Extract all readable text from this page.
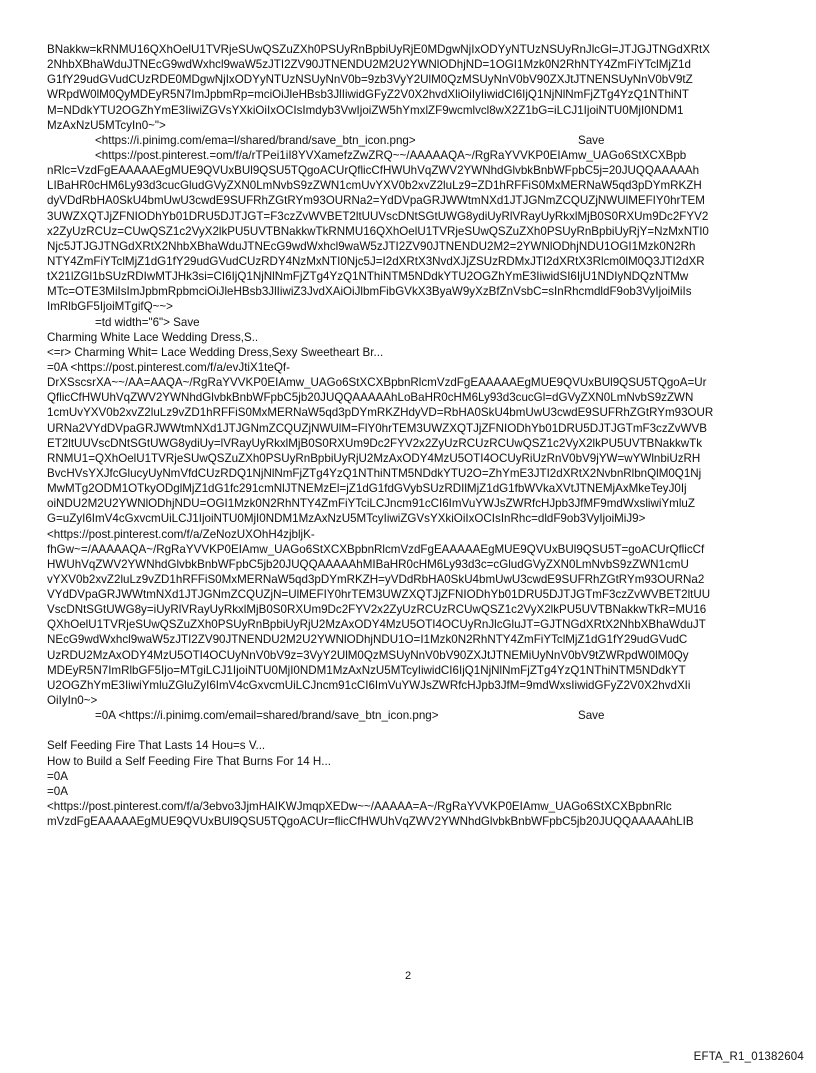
BNakkw=kRNMU16QXhOelU1TVRjeSUwQSZuZXh0PSUyRnBpbiUyRjE0MDgwNjIxODYyNTUzNSUyRnJlcGl=JTJGJTNGdXRtX
2NhbXBhaWduJTNEcG9wdWxhcl9waW5zJTI2ZV90JTNENDU2M2U2YWNlODhjND=1OGI1Mzk0N2RhNTY4ZmFiYTclMjZ1d
G1fY29udGVudCUzRDE0MDgwNjIxODYyNTUzNSUyNnV0b=9zb3VyY2UlM0QzMSUyNnV0bV90ZXJtJTNENSUyNnV0bV9tZ
WRpdW0lM0QyMDEyR5N7ImJpbmRp=mciOiJleHBsb3JlIiwidGFyZ2V0X2hvdXliOiIyIiwidCI6IjQ1NjNlNmFjZTg4YzQ1NThiNT
M=NDdkYTU2OGZhYmE3IiwiZGVsYXkiOiIxOCIsImdyb3VwIjoiZW5hYmxlZF9wcmlvcl8wX2Z1bG=iLCJ1IjoiNTU0MjI0NDM1
MzAxNzU5MTcyIn0~">
<https://i.pinimg.com/ema=l/shared/brand/save_btn_icon.png>	Save
<https://post.pinterest.=om/f/a/rTPei1iI8YVXamefzZwZRQ~~/AAAAAQA~/RgRaYVVKP0EIAmw_UAGo6StXCXBpb
nRlc=VzdFgEAAAAAEgMUE9QVUxBUl9QSU5TQgoACUrQflicCfHWUhVqZWV2YWNhdGlvbkBnbWFpbC5j=20JUQQAAAAAh
LIBaHR0cHM6Ly93d3cucGludGVyZXN0LmNvbS9zZWN1cmUvYXV0b2xvZ2luLz9=ZD1hRFFiS0MxMERNaW5qd3pDYmRKZH
dyVDdRbHA0SkU4bmUwU3cwdE9SUFRhZGtRYm93OURNa2=YdDVpaGRJWWtmNXd1JTJGNmZCQUZjNWUlMEFIY0hrTEM
3UWZXQTJjZFNIODhYb01DRU5DJTJGT=F3czZvWVBET2ltUUVscDNtSGtUWG8ydiUyRlVRayUyRkxlMjB0S0RXUm9Dc2FYV2
x2ZyUzRCUz=CUwQSZ1c2VyX2lkPU5UVTBNakkwTkRNMU16QXhOelU1TVRjeSUwQSZuZXh0PSUyRnBpbiUyRjY=NzMxNTI0
Njc5JTJGJTNGdXRtX2NhbXBhaWduJTNEcG9wdWxhcl9waW5zJTI2ZV90JTNENDU2M2=2YWNlODhjNDU1OGI1Mzk0N2Rh
NTY4ZmFiYTclMjZ1dG1fY29udGVudCUzRDY4NzMxNTI0Njc5J=I2dXRtX3NvdXJjZSUzRDMxJTI2dXRtX3Rlcm0lM0Q3JTI2dXR
tX21lZGl1bSUzRDIwMTJHk3si=CI6IjQ1NjNlNmFjZTg4YzQ1NThiNTM5NDdkYTU2OGZhYmE3IiwidSI6IjU1NDIyNDQzNTMw
MTc=OTE3MiIsImJpbmRpbmciOiJleHBsb3JlIiwiZ3JvdXAiOiJlbmFibGVkX3ByaW9yXzBfZnVsbC=sInRhcmdldF9ob3VyIjoiMiIs
ImRlbGF5IjoiMTgifQ~~>
=td width="6"> Save
Charming White Lace Wedding Dress,S..
<=r> Charming Whit= Lace Wedding Dress,Sexy Sweetheart Br...
=0A <https://post.pinterest.com/f/a/evJtiX1teQf-
DrXSscsrXA~~/AA=AAQA~/RgRaYVVKP0EIAmw_UAGo6StXCXBpbnRlcmVzdFgEAAAAAEgMUE9QVUxBUl9QSU5TQgoA=Ur
QflicCfHWUhVqZWV2YWNhdGlvbkBnbWFpbC5jb20JUQQAAAAAhLoBaHR0cHM6Ly93d3cucGl=dGVyZXN0LmNvbS9zZWN
1cmUvYXV0b2xvZ2luLz9vZD1hRFFiS0MxMERNaW5qd3pDYmRKZHdyVD=RbHA0SkU4bmUwU3cwdE9SUFRhZGtRYm93OUR
URNa2VYdDVpaGRJWWtmNXd1JTJGNmZCQUZjNWUlM=FlY0hrTEM3UWZXQTJjZFNIODhYb01DRU5DJTJGTmF3czZvWVB
ET2ltUUVscDNtSGtUWG8ydiUy=lVRayUyRkxlMjB0S0RXUm9Dc2FYV2x2ZyUzRCUzRCUwQSZ1c2VyX2lkPU5UVTBNakkwTk
RNMU1=QXhOelU1TVRjeSUwQSZuZXh0PSUyRnBpbiUyRjU2MzAxODY4MzU5OTI4OCUyRiUzRnV0bV9jYW=wYWlnbiUzRH
BvcHVsYXJfcGlucyUyNmVfdCUzRDQ1NjNlNmFjZTg4YzQ1NThiNTM5NDdkYTU2O=ZhYmE3JTI2dXRtX2NvbnRlbnQlM0Q1Nj
MwMTg2ODM1OTkyODglMjZ1dG1fc291cmNlJTNEMzEl=jZ1dG1fdGVybSUzRDIlMjZ1dG1fbWVkaXVtJTNEMjAxMkeTeyJ0Ij
oiNDU2M2U2YWNlODhjNDU=OGI1Mzk0N2RhNTY4ZmFiYTciLCJncm91cCI6ImVuYWJsZWRfcHJpb3JfMF9mdWxsliwiYmluZ
G=uZyI6ImV4cGxvcmUiLCJ1IjoiNTU0MjI0NDM1MzAxNzU5MTcyIiwiZGVsYXkiOiIxOCIsInRhc=dldF9ob3VyIjoiMiJ9>
<https://post.pinterest.com/f/a/ZeNozUXOhH4zjbljK-
fhGw~=/AAAAAQA~/RgRaYVVKP0EIAmw_UAGo6StXCXBpbnRlcmVzdFgEAAAAAEgMUE9QVUxBUl9QSU5T=goACUrQflicCf
HWUhVqZWV2YWNhdGlvbkBnbWFpbC5jb20JUQQAAAAAhMIBaHR0cHM6Ly93d3c=cGludGVyZXN0LmNvbS9zZWN1cmU
vYXV0b2xvZ2luLz9vZD1hRFFiS0MxMERNaW5qd3pDYmRKZH=yVDdRbHA0SkU4bmUwU3cwdE9SUFRhZGtRYm93OURNa2
VYdDVpaGRJWWtmNXd1JTJGNmZCQUZjN=UlMEFIY0hrTEM3UWZXQTJjZFNIODhYb01DRU5DJTJGTmF3czZvWVBET2ltUU
VscDNtSGtUWG8y=iUyRlVRayUyRkxlMjB0S0RXUm9Dc2FYV2x2ZyUzRCUzRCUwQSZ1c2VyX2lkPU5UVTBNakkwTkR=MU16
QXhOelU1TVRjeSUwQSZuZXh0PSUyRnBpbiUyRjU2MzAxODY4MzU5OTI4OCUyRnJlcGluJT=GJTNGdXRtX2NhbXBhaWduJT
NEcG9wdWxhcl9waW5zJTI2ZV90JTNENDU2M2U2YWNlODhjNDU1O=I1Mzk0N2RhNTY4ZmFiYTclMjZ1dG1fY29udGVudC
UzRDU2MzAxODY4MzU5OTI4OCUyNnV0bV9z=3VyY2UlM0QzMSUyNnV0bV90ZXJtJTNEMiUyNnV0bV9tZWRpdW0lM0Qy
MDEyR5N7ImRlbGF5Ijo=MTgiLCJ1IjoiNTU0MjI0NDM1MzAxNzU5MTcyIiwidCI6IjQ1NjNlNmFjZTg4YzQ1NThiNTM5NDdkYT
U2OGZhYmE3IiwiYmluZGluZyI6ImV4cGxvcmUiLCJncm91cCI6ImVuYWJsZWRfcHJpb3JfM=9mdWxsIiwidGFyZ2V0X2hvdXIi
OiIyIn0~>
=0A <https://i.pinimg.com/email=shared/brand/save_btn_icon.png>	Save
Self Feeding Fire That Lasts 14 Hou=s V...
How to Build a Self Feeding Fire That Burns For 14 H...
=0A
=0A
<https://post.pinterest.com/f/a/3ebvo3JjmHAIKWJmqpXEDw~~/AAAAA=A~/RgRaYVVKP0EIAmw_UAGo6StXCXBpbnRlc
mVzdFgEAAAAAEgMUE9QVUxBUl9QSU5TQgoACUr=flicCfHWUhVqZWV2YWNhdGlvbkBnbWFpbC5jb20JUQQAAAAAhLIB
2
EFTA_R1_01382604
